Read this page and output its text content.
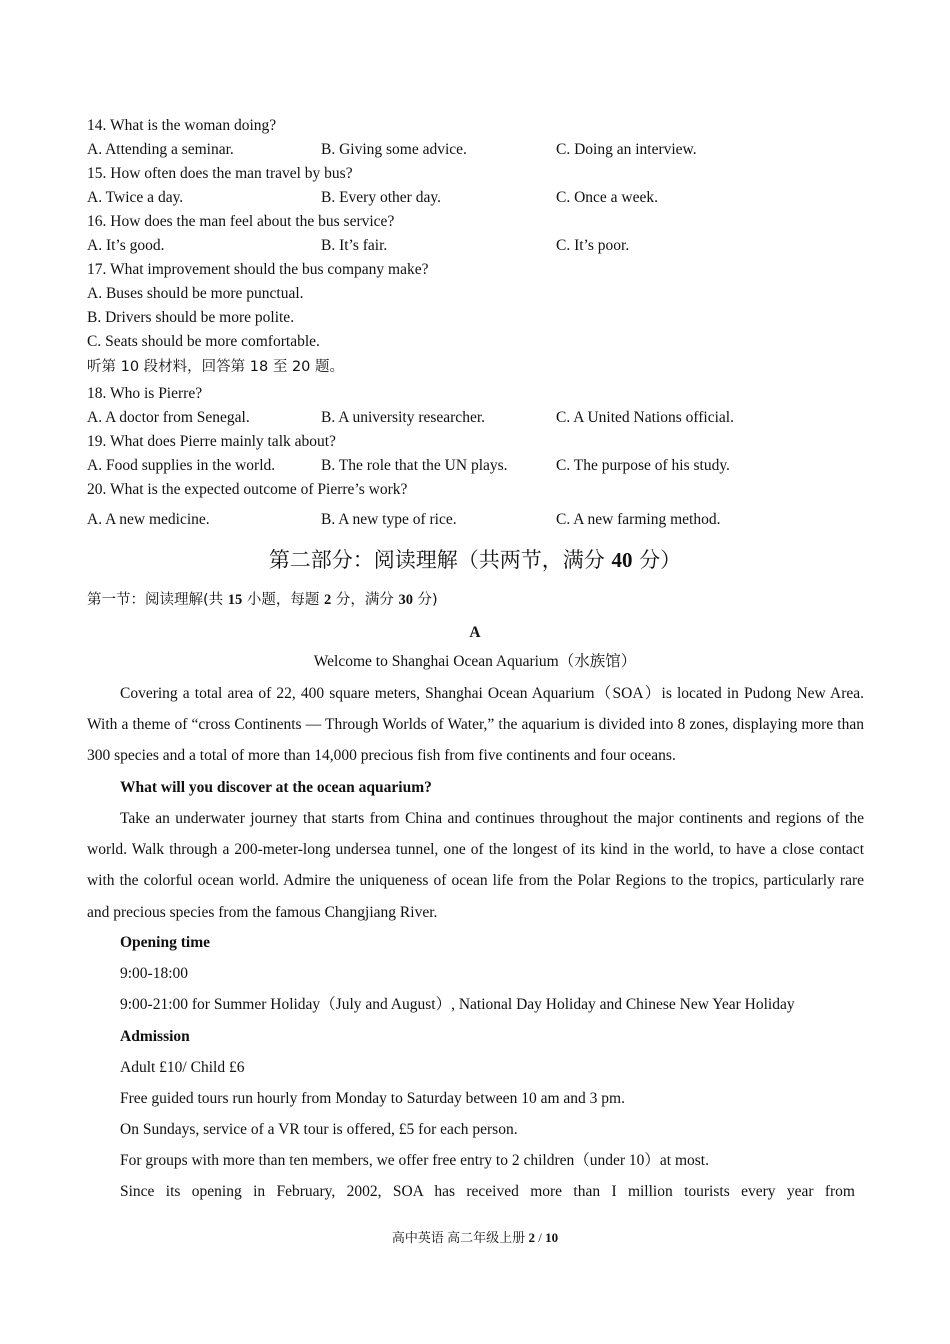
14. What is the woman doing?
A. Attending a seminar.	B. Giving some advice.	C. Doing an interview.
15. How often does the man travel by bus?
A. Twice a day.	B. Every other day.	C. Once a week.
16. How does the man feel about the bus service?
A. It’s good.	B. It’s fair.	C. It’s poor.
17. What improvement should the bus company make?
A. Buses should be more punctual.
B. Drivers should be more polite.
C. Seats should be more comfortable.
听第 10 段材料，回答第 18 至 20 题。
18. Who is Pierre?
A. A doctor from Senegal.	B. A university researcher.	C. A United Nations official.
19. What does Pierre mainly talk about?
A. Food supplies in the world.	B. The role that the UN plays.	C. The purpose of his study.
20. What is the expected outcome of Pierre’s work?
A. A new medicine.	B. A new type of rice.	C. A new farming method.
第二部分：阅读理解（共两节，满分 40 分）
第一节：阅读理解(共 15 小题，每题 2 分，满分 30 分)
A
Welcome to Shanghai Ocean Aquarium（水族馆）

Covering a total area of 22, 400 square meters, Shanghai Ocean Aquarium（SOA）is located in Pudong New Area. With a theme of “cross Continents — Through Worlds of Water,” the aquarium is divided into 8 zones, displaying more than 300 species and a total of more than 14,000 precious fish from five continents and four oceans.

What will you discover at the ocean aquarium?

Take an underwater journey that starts from China and continues throughout the major continents and regions of the world. Walk through a 200-meter-long undersea tunnel, one of the longest of its kind in the world, to have a close contact with the colorful ocean world. Admire the uniqueness of ocean life from the Polar Regions to the tropics, particularly rare and precious species from the famous Changjiang River.

Opening time
9:00-18:00
9:00-21:00 for Summer Holiday（July and August）, National Day Holiday and Chinese New Year Holiday
Admission
Adult £10/ Child £6
Free guided tours run hourly from Monday to Saturday between 10 am and 3 pm.
On Sundays, service of a VR tour is offered, £5 for each person.
For groups with more than ten members, we offer free entry to 2 children（under 10）at most.
Since its opening in February, 2002, SOA has received more than I million tourists every year from
高中英语 高二年级上册 2 / 10
